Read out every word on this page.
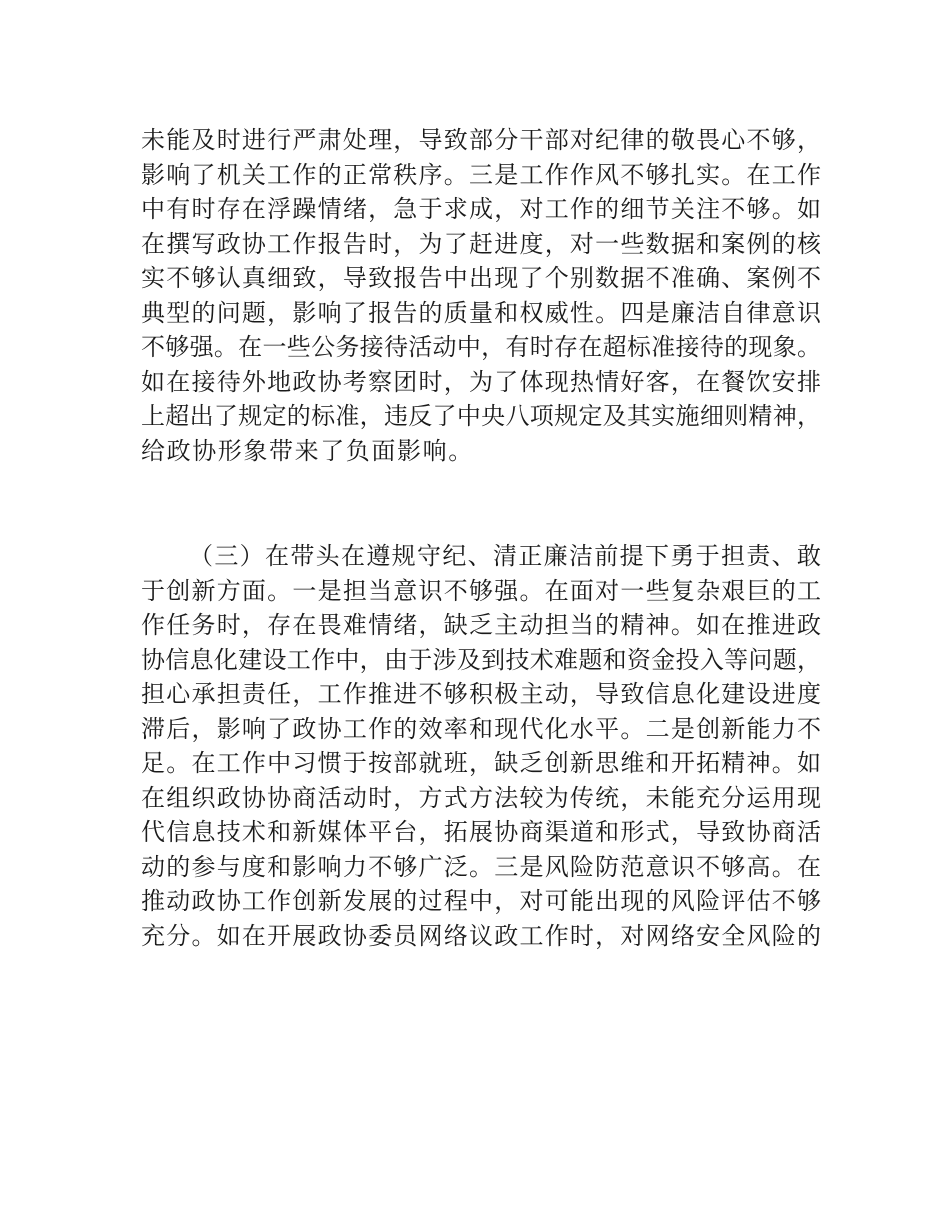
未能及时进行严肃处理，导致部分干部对纪律的敬畏心不够，
影响了机关工作的正常秩序。三是工作作风不够扎实。在工作
中有时存在浮躁情绪，急于求成，对工作的细节关注不够。如
在撰写政协工作报告时，为了赶进度，对一些数据和案例的核
实不够认真细致，导致报告中出现了个别数据不准确、案例不
典型的问题，影响了报告的质量和权威性。四是廉洁自律意识
不够强。在一些公务接待活动中，有时存在超标准接待的现象。
如在接待外地政协考察团时，为了体现热情好客，在餐饮安排
上超出了规定的标准，违反了中央八项规定及其实施细则精神，
给政协形象带来了负面影响。
（三）在带头在遵规守纪、清正廉洁前提下勇于担责、敢
于创新方面。一是担当意识不够强。在面对一些复杂艰巨的工
作任务时，存在畏难情绪，缺乏主动担当的精神。如在推进政
协信息化建设工作中，由于涉及到技术难题和资金投入等问题，
担心承担责任，工作推进不够积极主动，导致信息化建设进度
滞后，影响了政协工作的效率和现代化水平。二是创新能力不
足。在工作中习惯于按部就班，缺乏创新思维和开拓精神。如
在组织政协协商活动时，方式方法较为传统，未能充分运用现
代信息技术和新媒体平台，拓展协商渠道和形式，导致协商活
动的参与度和影响力不够广泛。三是风险防范意识不够高。在
推动政协工作创新发展的过程中，对可能出现的风险评估不够
充分。如在开展政协委员网络议政工作时，对网络安全风险的
